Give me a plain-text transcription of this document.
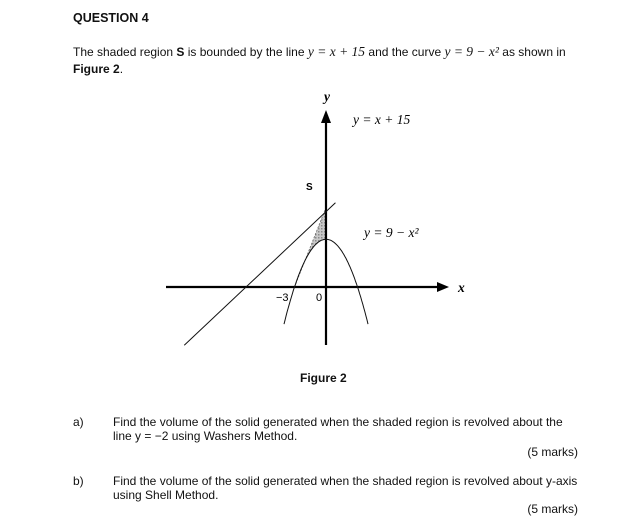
QUESTION 4
The shaded region S is bounded by the line y = x + 15 and the curve y = 9 − x² as shown in Figure 2.
y
x
y = x + 15
y = 9 − x²
S
−3 0
Figure 2
a) Find the volume of the solid generated when the shaded region is revolved about the line y = −2 using Washers Method.
(5 marks)
b) Find the volume of the solid generated when the shaded region is revolved about y-axis using Shell Method.
(5 marks)
